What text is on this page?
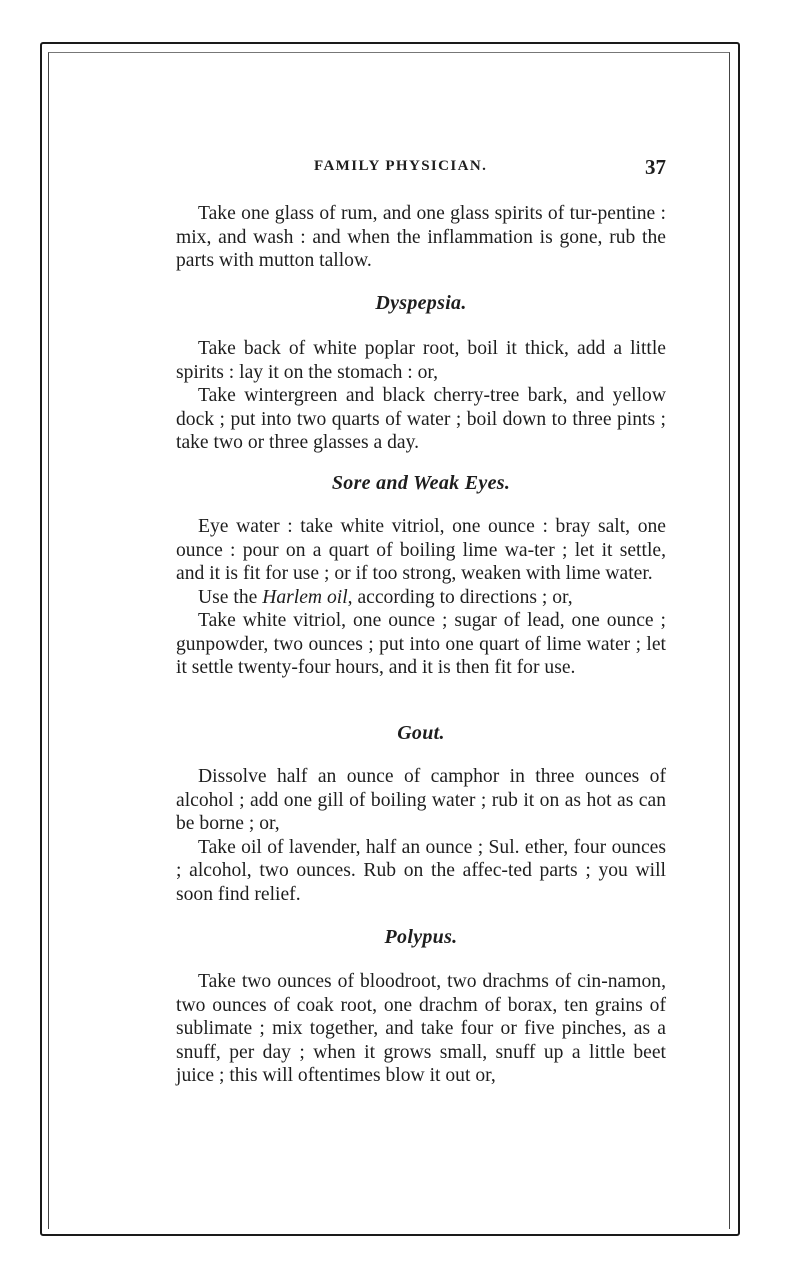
FAMILY PHYSICIAN.	37

Take one glass of rum, and one glass spirits of tur-pentine : mix, and wash : and when the inflammation is gone, rub the parts with mutton tallow.

Dyspepsia.

Take back of white poplar root, boil it thick, add a little spirits : lay it on the stomach : or,

Take wintergreen and black cherry-tree bark, and yellow dock ; put into two quarts of water ; boil down to three pints ; take two or three glasses a day.

Sore and Weak Eyes.

Eye water : take white vitriol, one ounce : bray salt, one ounce : pour on a quart of boiling lime wa-ter ; let it settle, and it is fit for use ; or if too strong, weaken with lime water.

Use the Harlem oil, according to directions ; or,

Take white vitriol, one ounce ; sugar of lead, one ounce ; gunpowder, two ounces ; put into one quart of lime water ; let it settle twenty-four hours, and it is then fit for use.

Gout.

Dissolve half an ounce of camphor in three ounces of alcohol ; add one gill of boiling water ; rub it on as hot as can be borne ; or,

Take oil of lavender, half an ounce ; Sul. ether, four ounces ; alcohol, two ounces. Rub on the affec-ted parts ; you will soon find relief.

Polypus.

Take two ounces of bloodroot, two drachms of cin-namon, two ounces of coak root, one drachm of borax, ten grains of sublimate ; mix together, and take four or five pinches, as a snuff, per day ; when it grows small, snuff up a little beet juice ; this will oftentimes blow it out or,
